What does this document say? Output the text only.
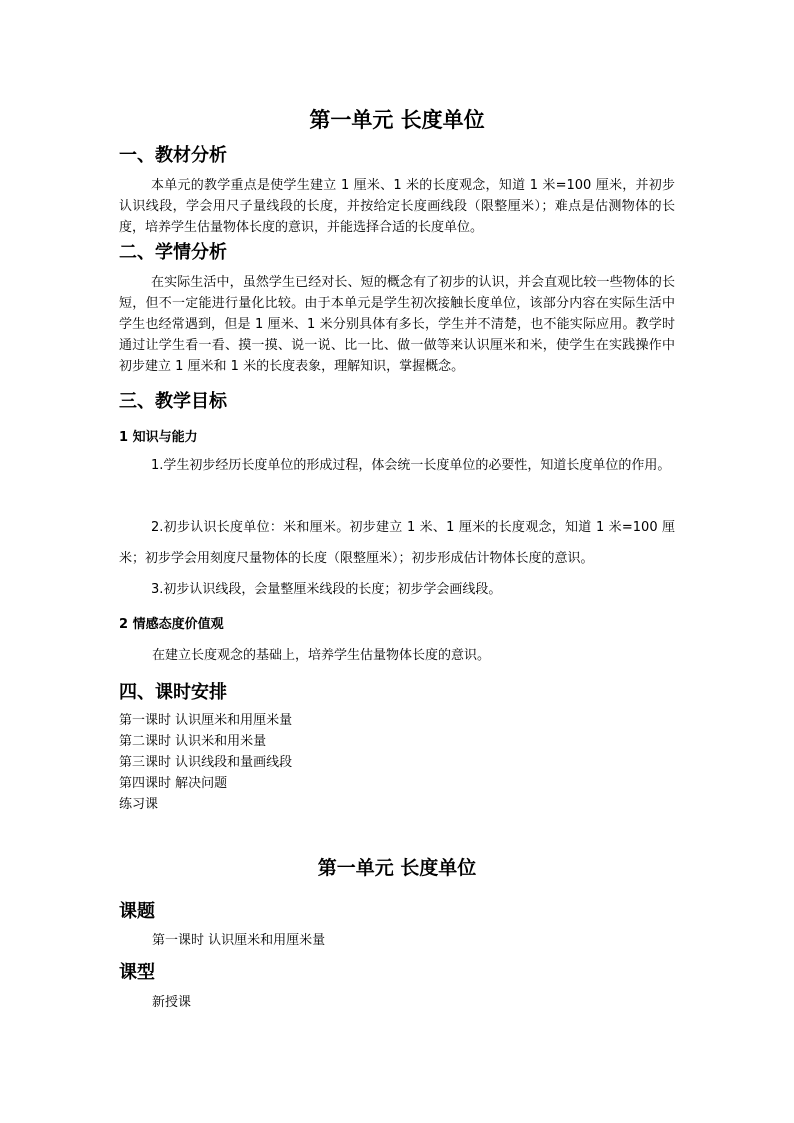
第一单元 长度单位
一、教材分析
本单元的教学重点是使学生建立 1 厘米、1 米的长度观念，知道 1 米=100 厘米，并初步认识线段，学会用尺子量线段的长度，并按给定长度画线段（限整厘米）；难点是估测物体的长度，培养学生估量物体长度的意识，并能选择合适的长度单位。
二、学情分析
在实际生活中，虽然学生已经对长、短的概念有了初步的认识，并会直观比较一些物体的长短，但不一定能进行量化比较。由于本单元是学生初次接触长度单位，该部分内容在实际生活中学生也经常遇到，但是 1 厘米、1 米分别具体有多长，学生并不清楚，也不能实际应用。教学时通过让学生看一看、摸一摸、说一说、比一比、做一做等来认识厘米和米，使学生在实践操作中初步建立 1 厘米和 1 米的长度表象，理解知识，掌握概念。
三、教学目标
1 知识与能力
1.学生初步经历长度单位的形成过程，体会统一长度单位的必要性，知道长度单位的作用。
2.初步认识长度单位：米和厘米。初步建立 1 米、1 厘米的长度观念，知道 1 米=100 厘米；初步学会用刻度尺量物体的长度（限整厘米）；初步形成估计物体长度的意识。
3.初步认识线段，会量整厘米线段的长度；初步学会画线段。
2 情感态度价值观
在建立长度观念的基础上，培养学生估量物体长度的意识。
四、课时安排
第一课时 认识厘米和用厘米量
第二课时 认识米和用米量
第三课时 认识线段和量画线段
第四课时 解决问题
练习课
第一单元 长度单位
课题
第一课时 认识厘米和用厘米量
课型
新授课
